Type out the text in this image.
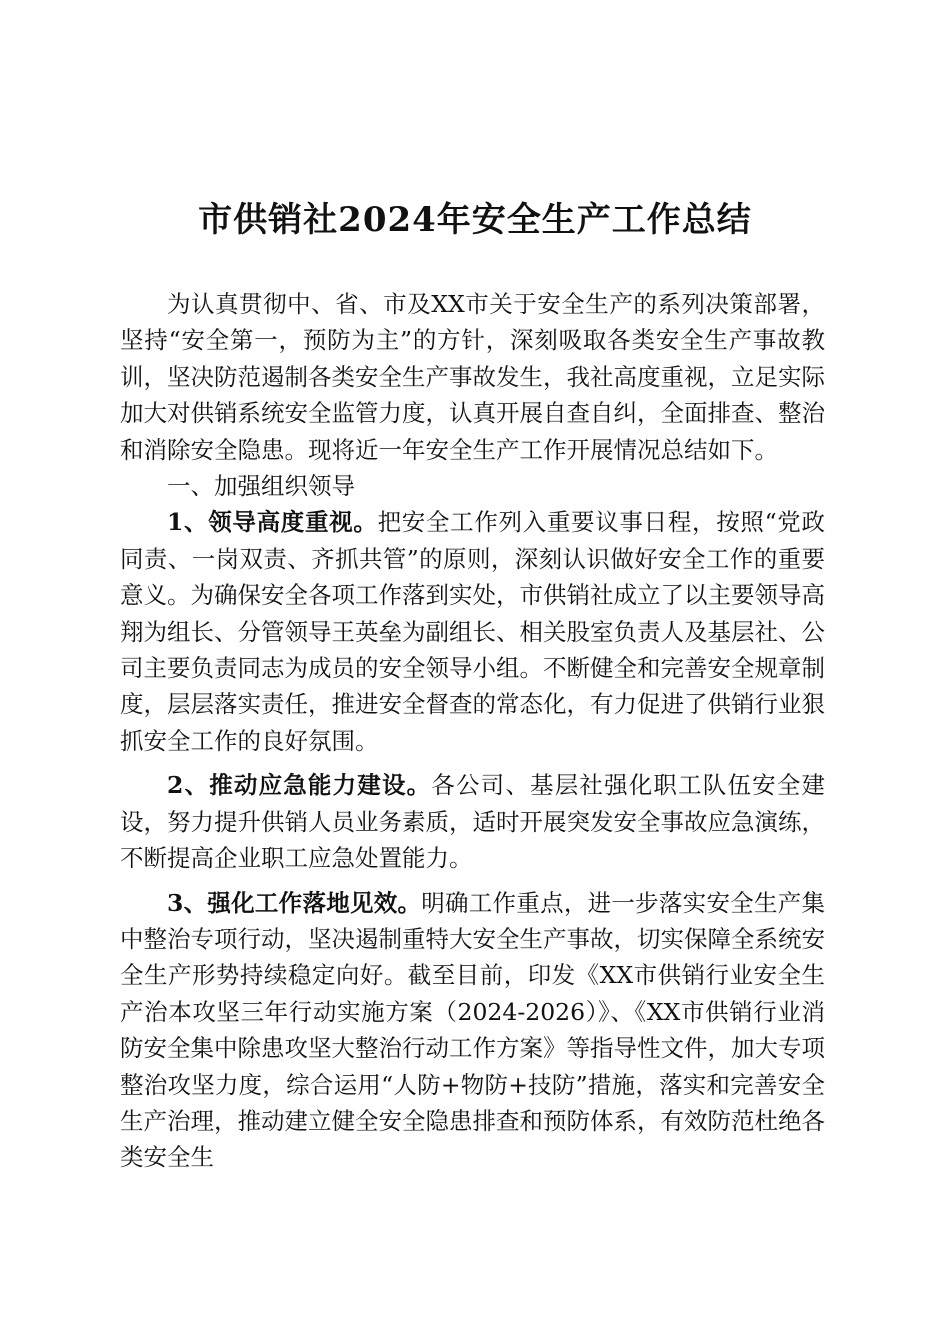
市供销社2024年安全生产工作总结

为认真贯彻中、省、市及XX市关于安全生产的系列决策部署，坚持“安全第一，预防为主”的方针，深刻吸取各类安全生产事故教训，坚决防范遏制各类安全生产事故发生，我社高度重视，立足实际加大对供销系统安全监管力度，认真开展自查自纠，全面排查、整治和消除安全隐患。现将近一年安全生产工作开展情况总结如下。

一、加强组织领导

1、领导高度重视。把安全工作列入重要议事日程，按照“党政同责、一岗双责、齐抓共管”的原则，深刻认识做好安全工作的重要意义。为确保安全各项工作落到实处，市供销社成立了以主要领导高翔为组长、分管领导王英垒为副组长、相关股室负责人及基层社、公司主要负责同志为成员的安全领导小组。不断健全和完善安全规章制度，层层落实责任，推进安全督查的常态化，有力促进了供销行业狠抓安全工作的良好氛围。

2、推动应急能力建设。各公司、基层社强化职工队伍安全建设，努力提升供销人员业务素质，适时开展突发安全事故应急演练，不断提高企业职工应急处置能力。

3、强化工作落地见效。明确工作重点，进一步落实安全生产集中整治专项行动，坚决遏制重特大安全生产事故，切实保障全系统安全生产形势持续稳定向好。截至目前，印发《XX市供销行业安全生产治本攻坚三年行动实施方案（2024-2026）》、《XX市供销行业消防安全集中除患攻坚大整治行动工作方案》等指导性文件，加大专项整治攻坚力度，综合运用“人防+物防+技防”措施，落实和完善安全生产治理，推动建立健全安全隐患排查和预防体系，有效防范杜绝各类安全生
